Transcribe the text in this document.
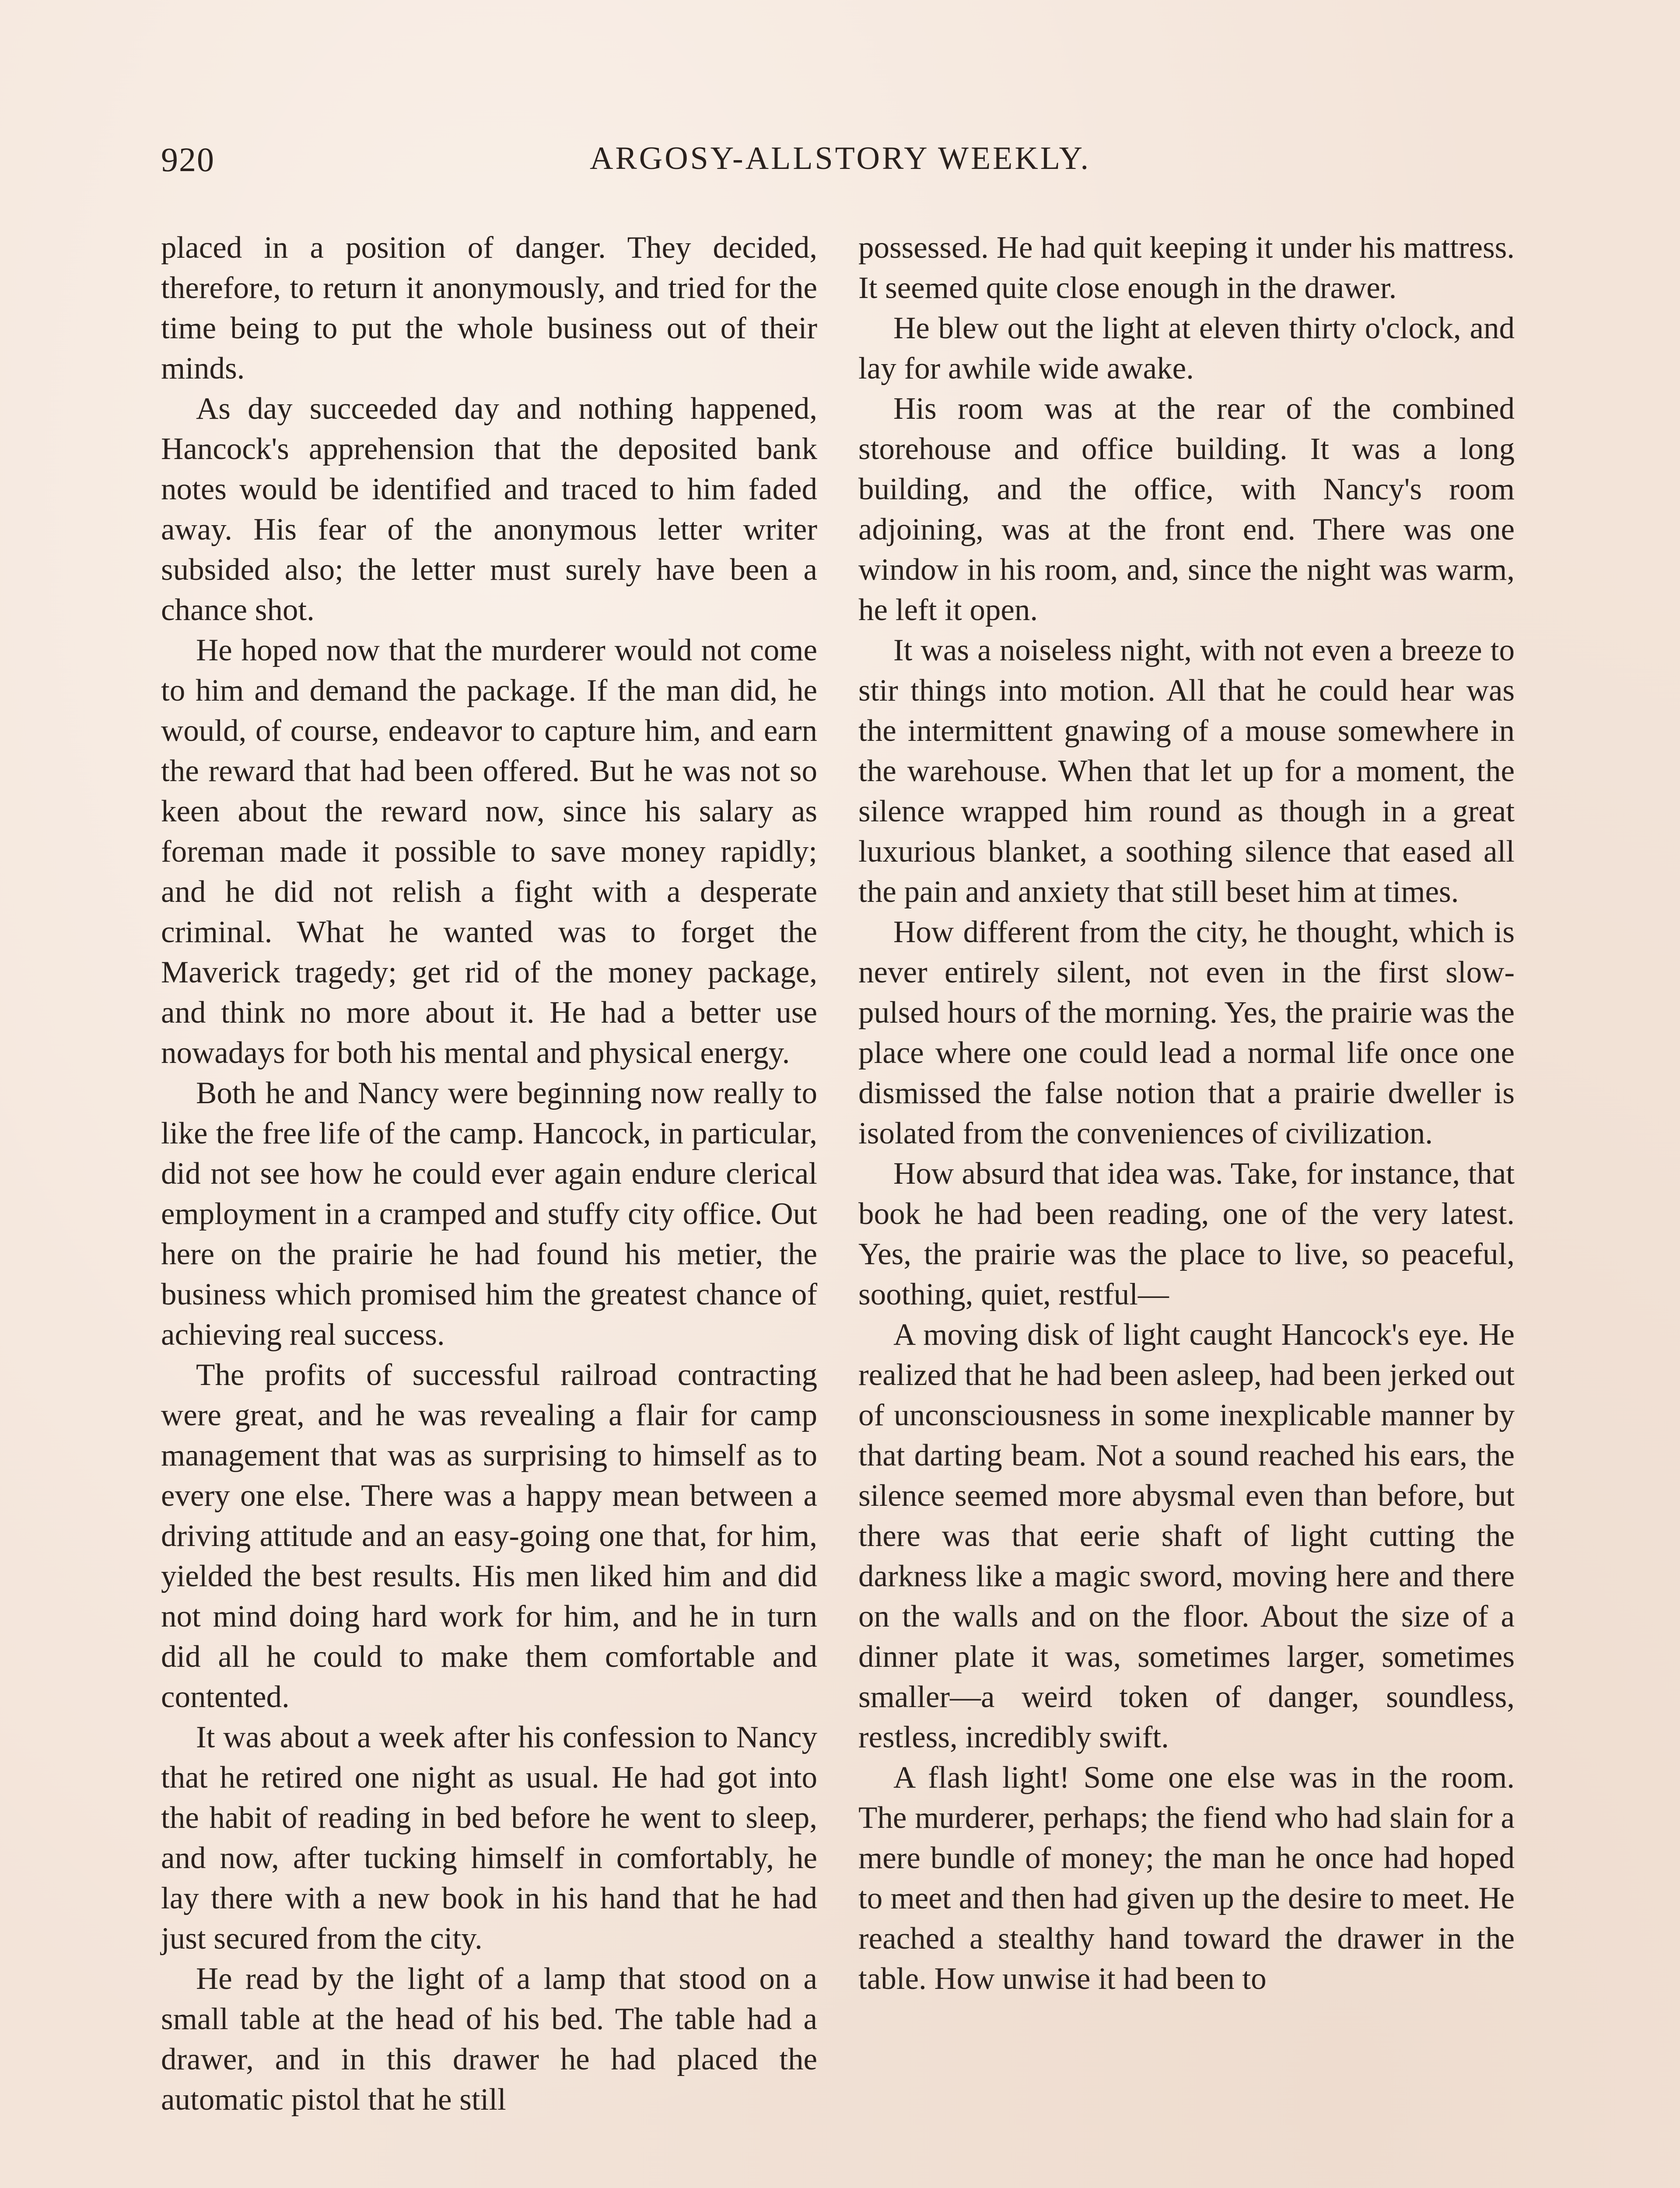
920	ARGOSY-ALLSTORY WEEKLY.

placed in a position of danger. They decided, therefore, to return it anonymously, and tried for the time being to put the whole business out of their minds.

As day succeeded day and nothing happened, Hancock's apprehension that the deposited bank notes would be identified and traced to him faded away. His fear of the anonymous letter writer subsided also; the letter must surely have been a chance shot.

He hoped now that the murderer would not come to him and demand the package. If the man did, he would, of course, endeavor to capture him, and earn the reward that had been offered. But he was not so keen about the reward now, since his salary as foreman made it possible to save money rapidly; and he did not relish a fight with a desperate criminal. What he wanted was to forget the Maverick tragedy; get rid of the money package, and think no more about it. He had a better use nowadays for both his mental and physical energy.

Both he and Nancy were beginning now really to like the free life of the camp. Hancock, in particular, did not see how he could ever again endure clerical employment in a cramped and stuffy city office. Out here on the prairie he had found his metier, the business which promised him the greatest chance of achieving real success.

The profits of successful railroad contracting were great, and he was revealing a flair for camp management that was as surprising to himself as to every one else. There was a happy mean between a driving attitude and an easy-going one that, for him, yielded the best results. His men liked him and did not mind doing hard work for him, and he in turn did all he could to make them comfortable and contented.

It was about a week after his confession to Nancy that he retired one night as usual. He had got into the habit of reading in bed before he went to sleep, and now, after tucking himself in comfortably, he lay there with a new book in his hand that he had just secured from the city.

He read by the light of a lamp that stood on a small table at the head of his bed. The table had a drawer, and in this drawer he had placed the automatic pistol that he still

possessed. He had quit keeping it under his mattress. It seemed quite close enough in the drawer.

He blew out the light at eleven thirty o'clock, and lay for awhile wide awake.

His room was at the rear of the combined storehouse and office building. It was a long building, and the office, with Nancy's room adjoining, was at the front end. There was one window in his room, and, since the night was warm, he left it open.

It was a noiseless night, with not even a breeze to stir things into motion. All that he could hear was the intermittent gnawing of a mouse somewhere in the warehouse. When that let up for a moment, the silence wrapped him round as though in a great luxurious blanket, a soothing silence that eased all the pain and anxiety that still beset him at times.

How different from the city, he thought, which is never entirely silent, not even in the first slow-pulsed hours of the morning. Yes, the prairie was the place where one could lead a normal life once one dismissed the false notion that a prairie dweller is isolated from the conveniences of civilization.

How absurd that idea was. Take, for instance, that book he had been reading, one of the very latest. Yes, the prairie was the place to live, so peaceful, soothing, quiet, restful—

A moving disk of light caught Hancock's eye. He realized that he had been asleep, had been jerked out of unconsciousness in some inexplicable manner by that darting beam. Not a sound reached his ears, the silence seemed more abysmal even than before, but there was that eerie shaft of light cutting the darkness like a magic sword, moving here and there on the walls and on the floor. About the size of a dinner plate it was, sometimes larger, sometimes smaller—a weird token of danger, soundless, restless, incredibly swift.

A flash light! Some one else was in the room. The murderer, perhaps; the fiend who had slain for a mere bundle of money; the man he once had hoped to meet and then had given up the desire to meet. He reached a stealthy hand toward the drawer in the table. How unwise it had been to
